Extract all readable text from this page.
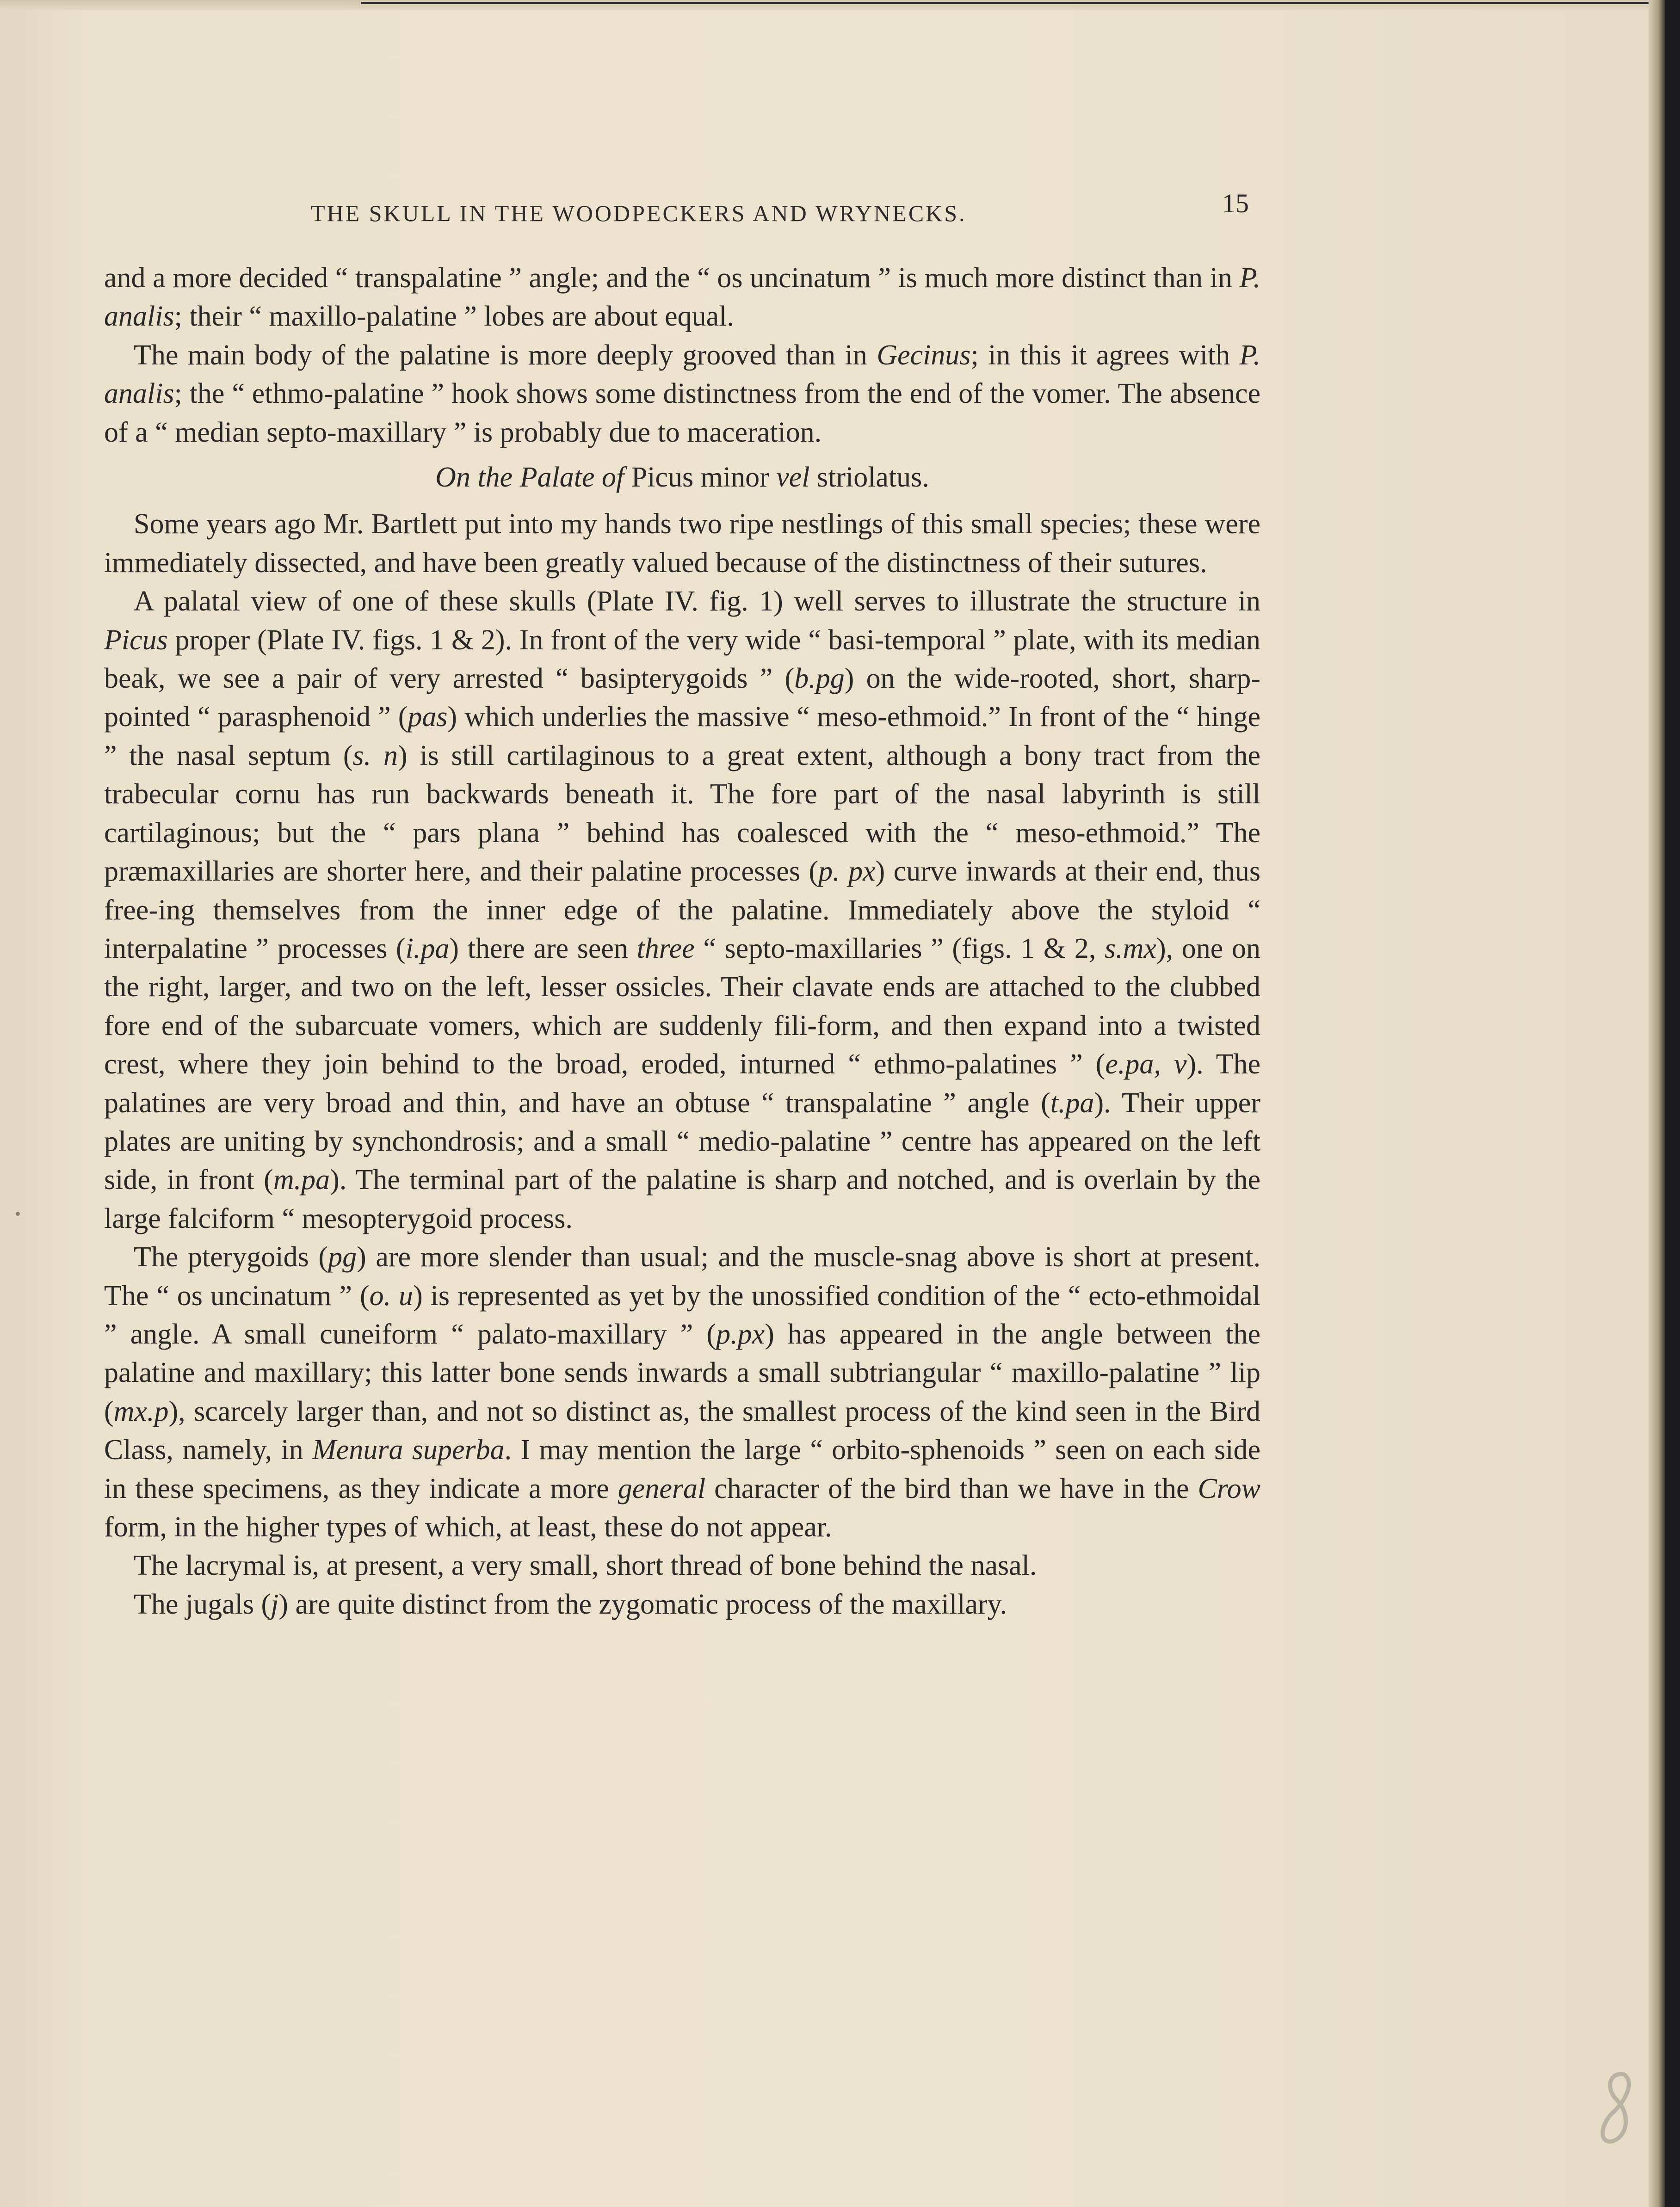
THE SKULL IN THE WOODPECKERS AND WRYNECKS.	15

and a more decided “ transpalatine ” angle; and the “ os uncinatum ” is much more distinct than in P. analis; their “ maxillo-palatine ” lobes are about equal.

The main body of the palatine is more deeply grooved than in Gecinus; in this it agrees with P. analis; the “ ethmo-palatine ” hook shows some distinctness from the end of the vomer. The absence of a “ median septo-maxillary ” is probably due to maceration.

On the Palate of Picus minor vel striolatus.

Some years ago Mr. Bartlett put into my hands two ripe nestlings of this small species; these were immediately dissected, and have been greatly valued because of the distinctness of their sutures.

A palatal view of one of these skulls (Plate IV. fig. 1) well serves to illustrate the structure in Picus proper (Plate IV. figs. 1 & 2). In front of the very wide “ basi-temporal ” plate, with its median beak, we see a pair of very arrested “ basipterygoids ” (b.pg) on the wide-rooted, short, sharp-pointed “ parasphenoid ” (pas) which underlies the massive “ meso-ethmoid.” In front of the “ hinge ” the nasal septum (s. n) is still cartilaginous to a great extent, although a bony tract from the trabecular cornu has run backwards beneath it. The fore part of the nasal labyrinth is still cartilaginous; but the “ pars plana ” behind has coalesced with the “ meso-ethmoid.” The præmaxillaries are shorter here, and their palatine processes (p. px) curve inwards at their end, thus free-ing themselves from the inner edge of the palatine. Immediately above the styloid “ interpalatine ” processes (i.pa) there are seen three “ septo-maxillaries ” (figs. 1 & 2, s.mx), one on the right, larger, and two on the left, lesser ossicles. Their clavate ends are attached to the clubbed fore end of the subarcuate vomers, which are suddenly fili-form, and then expand into a twisted crest, where they join behind to the broad, eroded, inturned “ ethmo-palatines ” (e.pa, v). The palatines are very broad and thin, and have an obtuse “ transpalatine ” angle (t.pa). Their upper plates are uniting by synchondrosis; and a small “ medio-palatine ” centre has appeared on the left side, in front (m.pa). The terminal part of the palatine is sharp and notched, and is overlain by the large falciform “ mesopterygoid process.

The pterygoids (pg) are more slender than usual; and the muscle-snag above is short at present. The “ os uncinatum ” (o. u) is represented as yet by the unossified condition of the “ ecto-ethmoidal ” angle. A small cuneiform “ palato-maxillary ” (p.px) has appeared in the angle between the palatine and maxillary; this latter bone sends inwards a small subtriangular “ maxillo-palatine ” lip (mx.p), scarcely larger than, and not so distinct as, the smallest process of the kind seen in the Bird Class, namely, in Menura superba. I may mention the large “ orbito-sphenoids ” seen on each side in these specimens, as they indicate a more general character of the bird than we have in the Crow form, in the higher types of which, at least, these do not appear.

The lacrymal is, at present, a very small, short thread of bone behind the nasal.

The jugals (j) are quite distinct from the zygomatic process of the maxillary.
